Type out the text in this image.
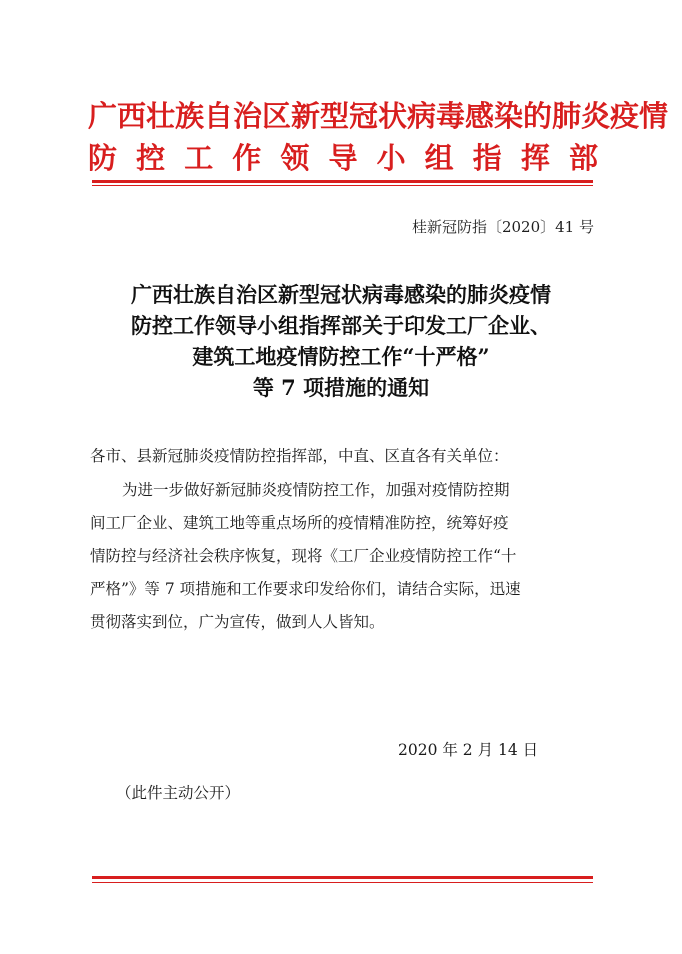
广西壮族自治区新型冠状病毒感染的肺炎疫情
防 控 工 作 领 导 小 组 指 挥 部
桂新冠防指〔2020〕41 号
广西壮族自治区新型冠状病毒感染的肺炎疫情
防控工作领导小组指挥部关于印发工厂企业、
建筑工地疫情防控工作“十严格”
等 7 项措施的通知
各市、县新冠肺炎疫情防控指挥部，中直、区直各有关单位：
为进一步做好新冠肺炎疫情防控工作，加强对疫情防控期
间工厂企业、建筑工地等重点场所的疫情精准防控，统筹好疫
情防控与经济社会秩序恢复，现将《工厂企业疫情防控工作“十
严格”》等 7 项措施和工作要求印发给你们，请结合实际，迅速
贯彻落实到位，广为宣传，做到人人皆知。
2020 年 2 月 14 日
（此件主动公开）
